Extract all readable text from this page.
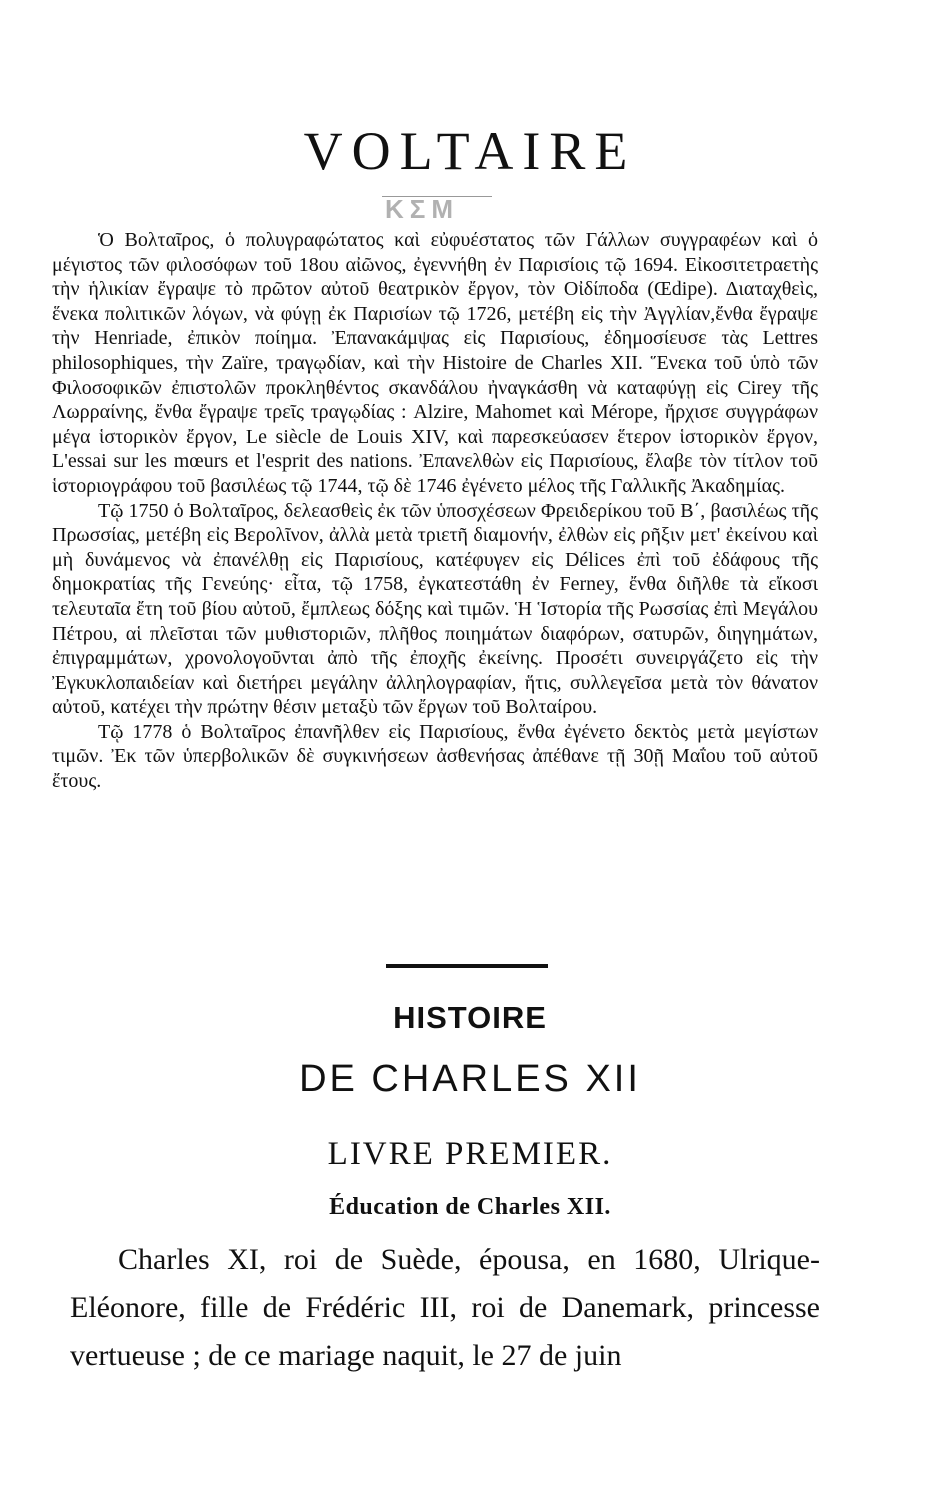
VOLTAIRE
ΚΣΜ

Ὁ Βολταῖρος, ὁ πολυγραφώτατος καὶ εὐφυέστατος τῶν Γάλλων συγγραφέων καὶ ὁ μέγιστος τῶν φιλοσόφων τοῦ 18ου αἰῶνος, ἐγεννήθη ἐν Παρισίοις τῷ 1694. Εἰκοσιτετραετὴς τὴν ἡλικίαν ἔγραψε τὸ πρῶτον αὐτοῦ θεατρικὸν ἔργον, τὸν Οἰδίποδα (Œdipe). Διαταχθεὶς, ἕνεκα πολιτικῶν λόγων, νὰ φύγῃ ἐκ Παρισίων τῷ 1726, μετέβη εἰς τὴν Ἀγγλίαν,ἔνθα ἔγραψε τὴν Henriade, ἐπικὸν ποίημα. Ἐπανακάμψας εἰς Παρισίους, ἐδημοσίευσε τὰς Lettres philosophiques, τὴν Zaïre, τραγῳδίαν, καὶ τὴν Histoire de Charles XII. Ἕνεκα τοῦ ὑπὸ τῶν Φιλοσοφικῶν ἐπιστολῶν προκληθέντος σκανδάλου ἠναγκάσθη νὰ καταφύγῃ εἰς Cirey τῆς Λωρραίνης, ἔνθα ἔγραψε τρεῖς τραγῳδίας : Alzire, Mahomet καὶ Mérope, ἤρχισε συγγράφων μέγα ἱστορικὸν ἔργον, Le siècle de Louis XIV, καὶ παρεσκεύασεν ἕτερον ἱστορικὸν ἔργον, L'essai sur les mœurs et l'esprit des nations. Ἐπανελθὼν εἰς Παρισίους, ἔλαβε τὸν τίτλον τοῦ ἱστοριογράφου τοῦ βασιλέως τῷ 1744, τῷ δὲ 1746 ἐγένετο μέλος τῆς Γαλλικῆς Ἀκαδημίας.

Τῷ 1750 ὁ Βολταῖρος, δελεασθεὶς ἐκ τῶν ὑποσχέσεων Φρειδερίκου τοῦ Β΄, βασιλέως τῆς Πρωσσίας, μετέβη εἰς Βερολῖνον, ἀλλὰ μετὰ τριετῆ διαμονήν, ἐλθὼν εἰς ρῆξιν μετ' ἐκείνου καὶ μὴ δυνάμενος νὰ ἐπανέλθῃ εἰς Παρισίους, κατέφυγεν εἰς Délices ἐπὶ τοῦ ἐδάφους τῆς δημοκρατίας τῆς Γενεύης· εἶτα, τῷ 1758, ἐγκατεστάθη ἐν Ferney, ἔνθα διῆλθε τὰ εἴκοσι τελευταῖα ἔτη τοῦ βίου αὐτοῦ, ἔμπλεως δόξης καὶ τιμῶν. Ἡ Ἱστορία τῆς Ρωσσίας ἐπὶ Μεγάλου Πέτρου, αἱ πλεῖσται τῶν μυθιστοριῶν, πλῆθος ποιημάτων διαφόρων, σατυρῶν, διηγημάτων, ἐπιγραμμάτων, χρονολογοῦνται ἀπὸ τῆς ἐποχῆς ἐκείνης. Προσέτι συνειργάζετο εἰς τὴν Ἐγκυκλοπαιδείαν καὶ διετήρει μεγάλην ἀλληλογραφίαν, ἥτις, συλλεγεῖσα μετὰ τὸν θάνατον αὐτοῦ, κατέχει τὴν πρώτην θέσιν μεταξὺ τῶν ἔργων τοῦ Βολταίρου.

Τῷ 1778 ὁ Βολταῖρος ἐπανῆλθεν εἰς Παρισίους, ἔνθα ἐγένετο δεκτὸς μετὰ μεγίστων τιμῶν. Ἐκ τῶν ὑπερβολικῶν δὲ συγκινήσεων ἀσθενήσας ἀπέθανε τῇ 30ῇ Μαΐου τοῦ αὐτοῦ ἔτους.

HISTOIRE
DE CHARLES XII
LIVRE PREMIER.
Éducation de Charles XII.

Charles XI, roi de Suède, épousa, en 1680, Ulrique-Eléonore, fille de Frédéric III, roi de Danemark, princesse vertueuse ; de ce mariage naquit, le 27 de juin
